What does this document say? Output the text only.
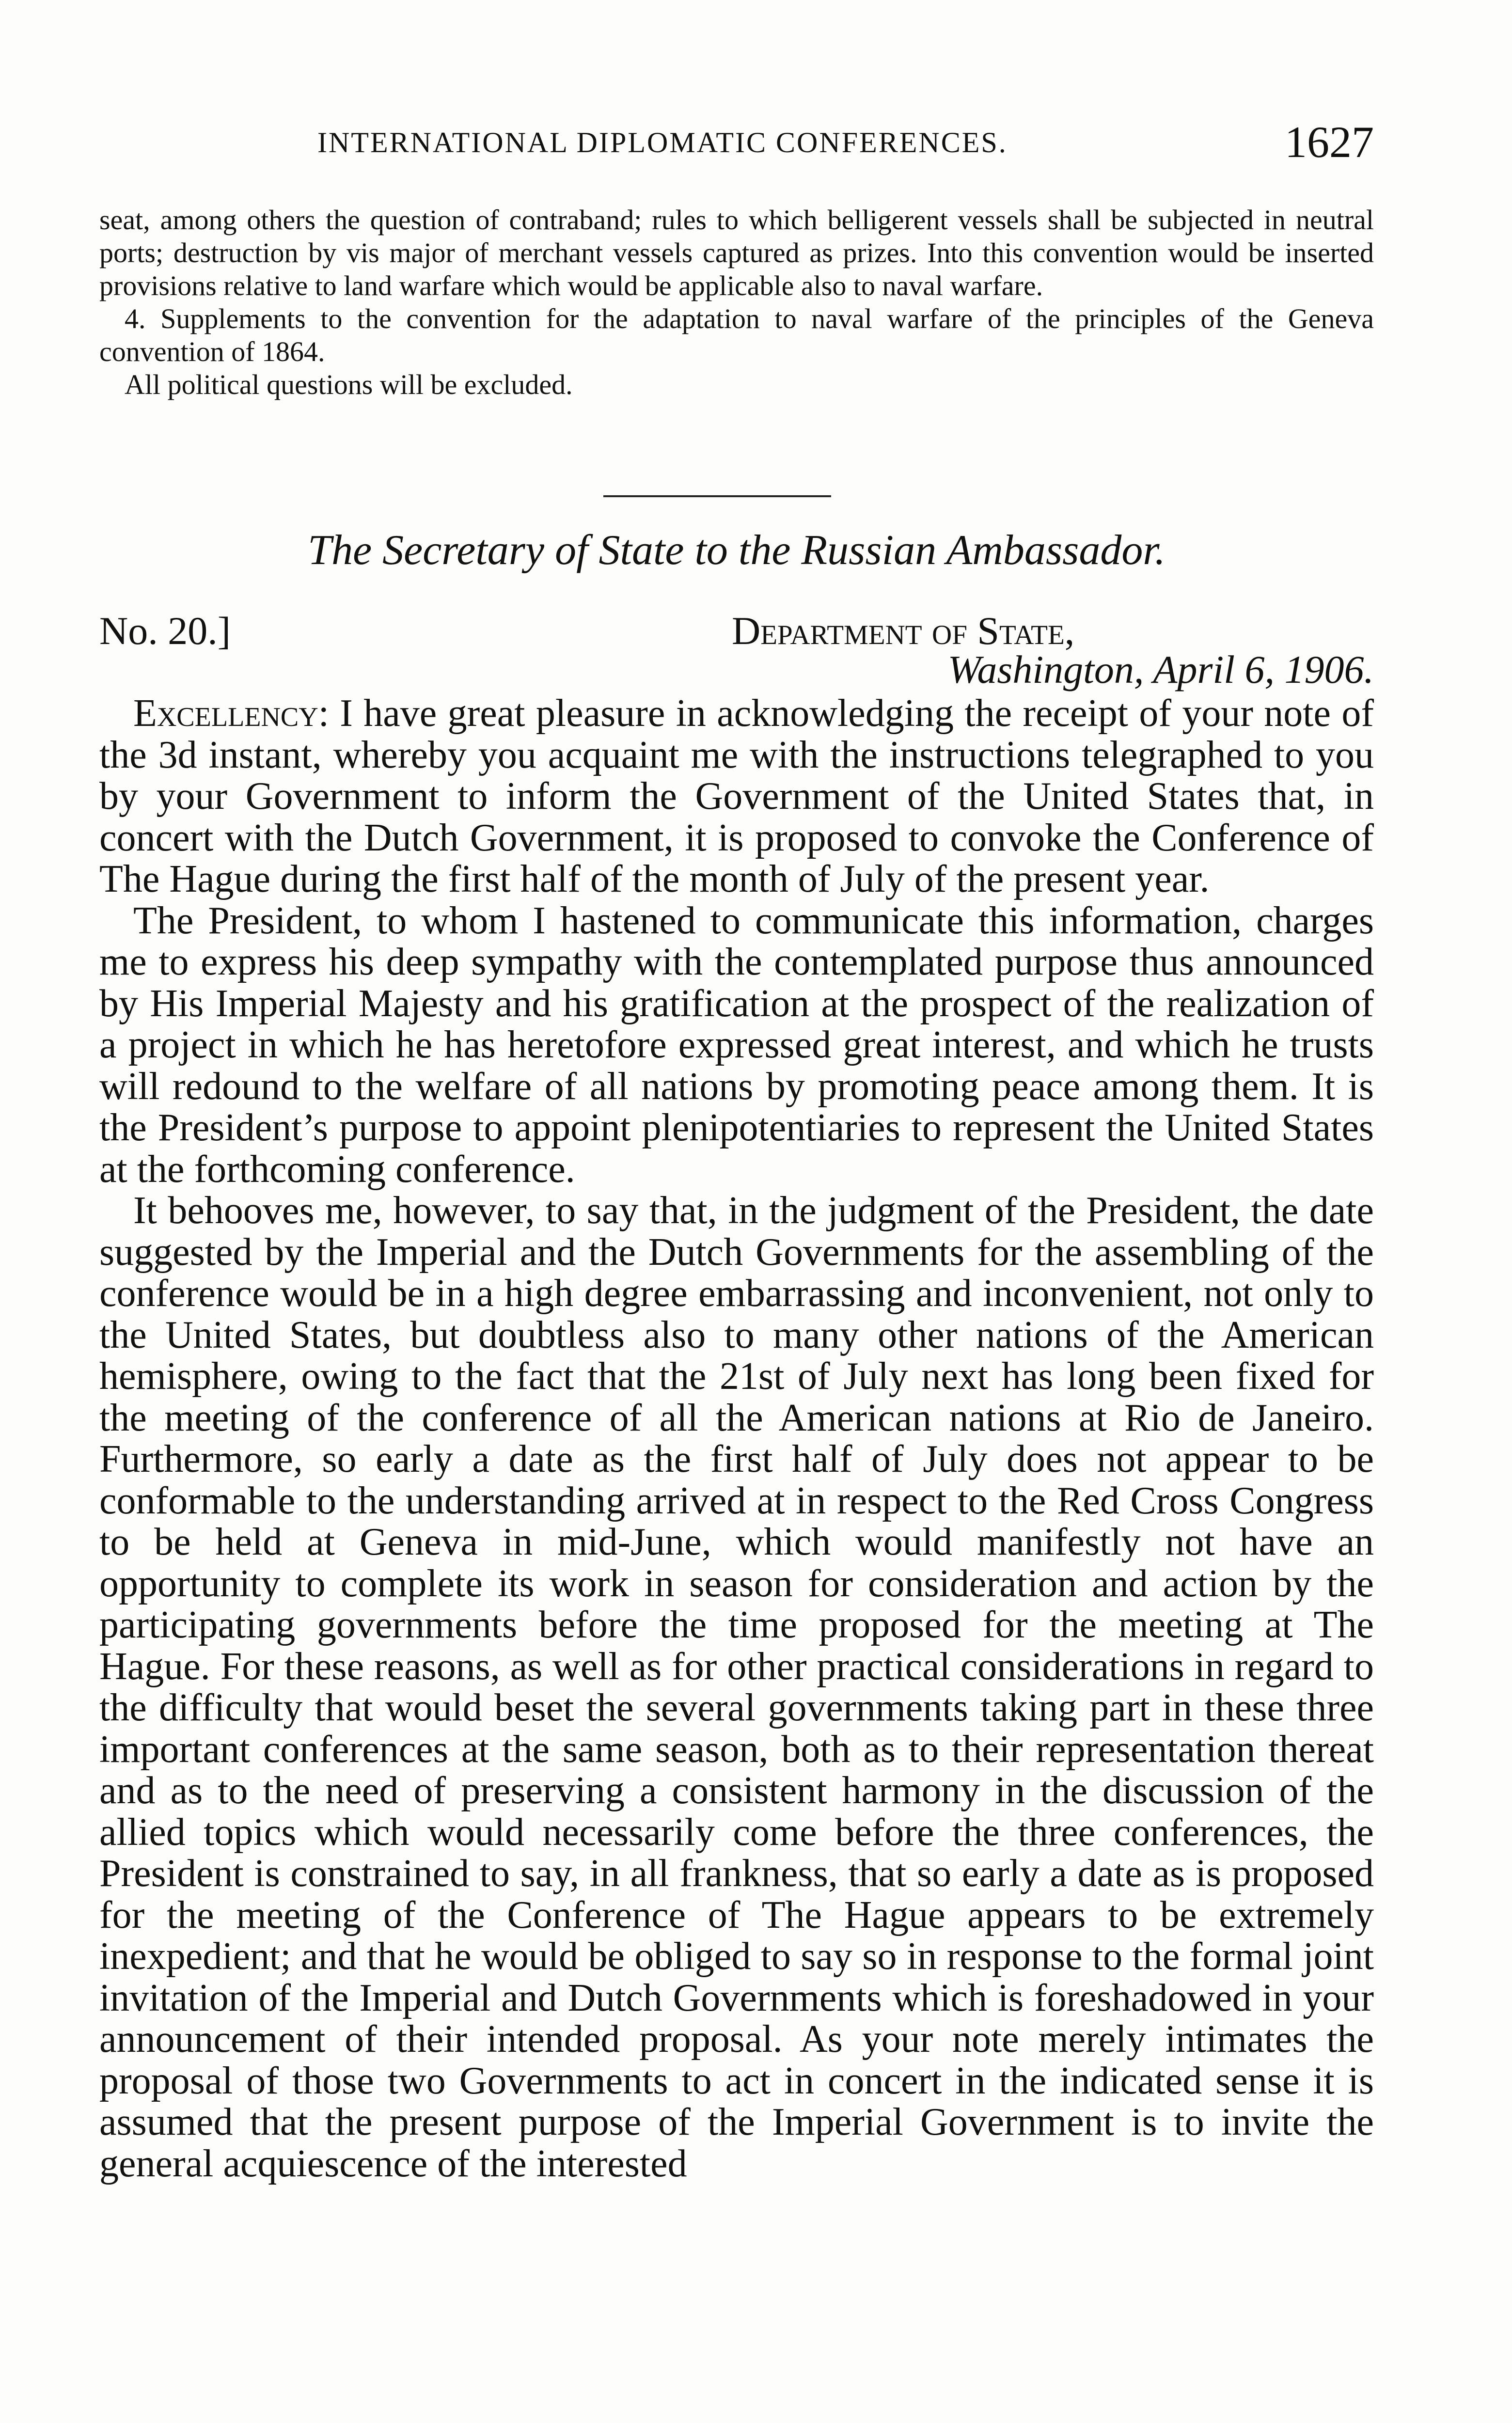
INTERNATIONAL DIPLOMATIC CONFERENCES.	1627

seat, among others the question of contraband; rules to which belligerent vessels shall be subjected in neutral ports; destruction by vis major of merchant vessels captured as prizes. Into this convention would be inserted provisions relative to land warfare which would be applicable also to naval warfare.

4. Supplements to the convention for the adaptation to naval warfare of the principles of the Geneva convention of 1864.

All political questions will be excluded.

The Secretary of State to the Russian Ambassador.
No. 20.]	Department of State,
Washington, April 6, 1906.

Excellency: I have great pleasure in acknowledging the receipt of your note of the 3d instant, whereby you acquaint me with the instructions telegraphed to you by your Government to inform the Government of the United States that, in concert with the Dutch Government, it is proposed to convoke the Conference of The Hague during the first half of the month of July of the present year.

The President, to whom I hastened to communicate this information, charges me to express his deep sympathy with the contemplated purpose thus announced by His Imperial Majesty and his gratification at the prospect of the realization of a project in which he has heretofore expressed great interest, and which he trusts will redound to the welfare of all nations by promoting peace among them. It is the President’s purpose to appoint plenipotentiaries to represent the United States at the forthcoming conference.

It behooves me, however, to say that, in the judgment of the President, the date suggested by the Imperial and the Dutch Governments for the assembling of the conference would be in a high degree embarrassing and inconvenient, not only to the United States, but doubtless also to many other nations of the American hemisphere, owing to the fact that the 21st of July next has long been fixed for the meeting of the conference of all the American nations at Rio de Janeiro. Furthermore, so early a date as the first half of July does not appear to be conformable to the understanding arrived at in respect to the Red Cross Congress to be held at Geneva in mid-June, which would manifestly not have an opportunity to complete its work in season for consideration and action by the participating governments before the time proposed for the meeting at The Hague. For these reasons, as well as for other practical considerations in regard to the difficulty that would beset the several governments taking part in these three important conferences at the same season, both as to their representation thereat and as to the need of preserving a consistent harmony in the discussion of the allied topics which would necessarily come before the three conferences, the President is constrained to say, in all frankness, that so early a date as is proposed for the meeting of the Conference of The Hague appears to be extremely inexpedient; and that he would be obliged to say so in response to the formal joint invitation of the Imperial and Dutch Governments which is foreshadowed in your announcement of their intended proposal. As your note merely intimates the proposal of those two Governments to act in concert in the indicated sense it is assumed that the present purpose of the Imperial Government is to invite the general acquiescence of the interested
